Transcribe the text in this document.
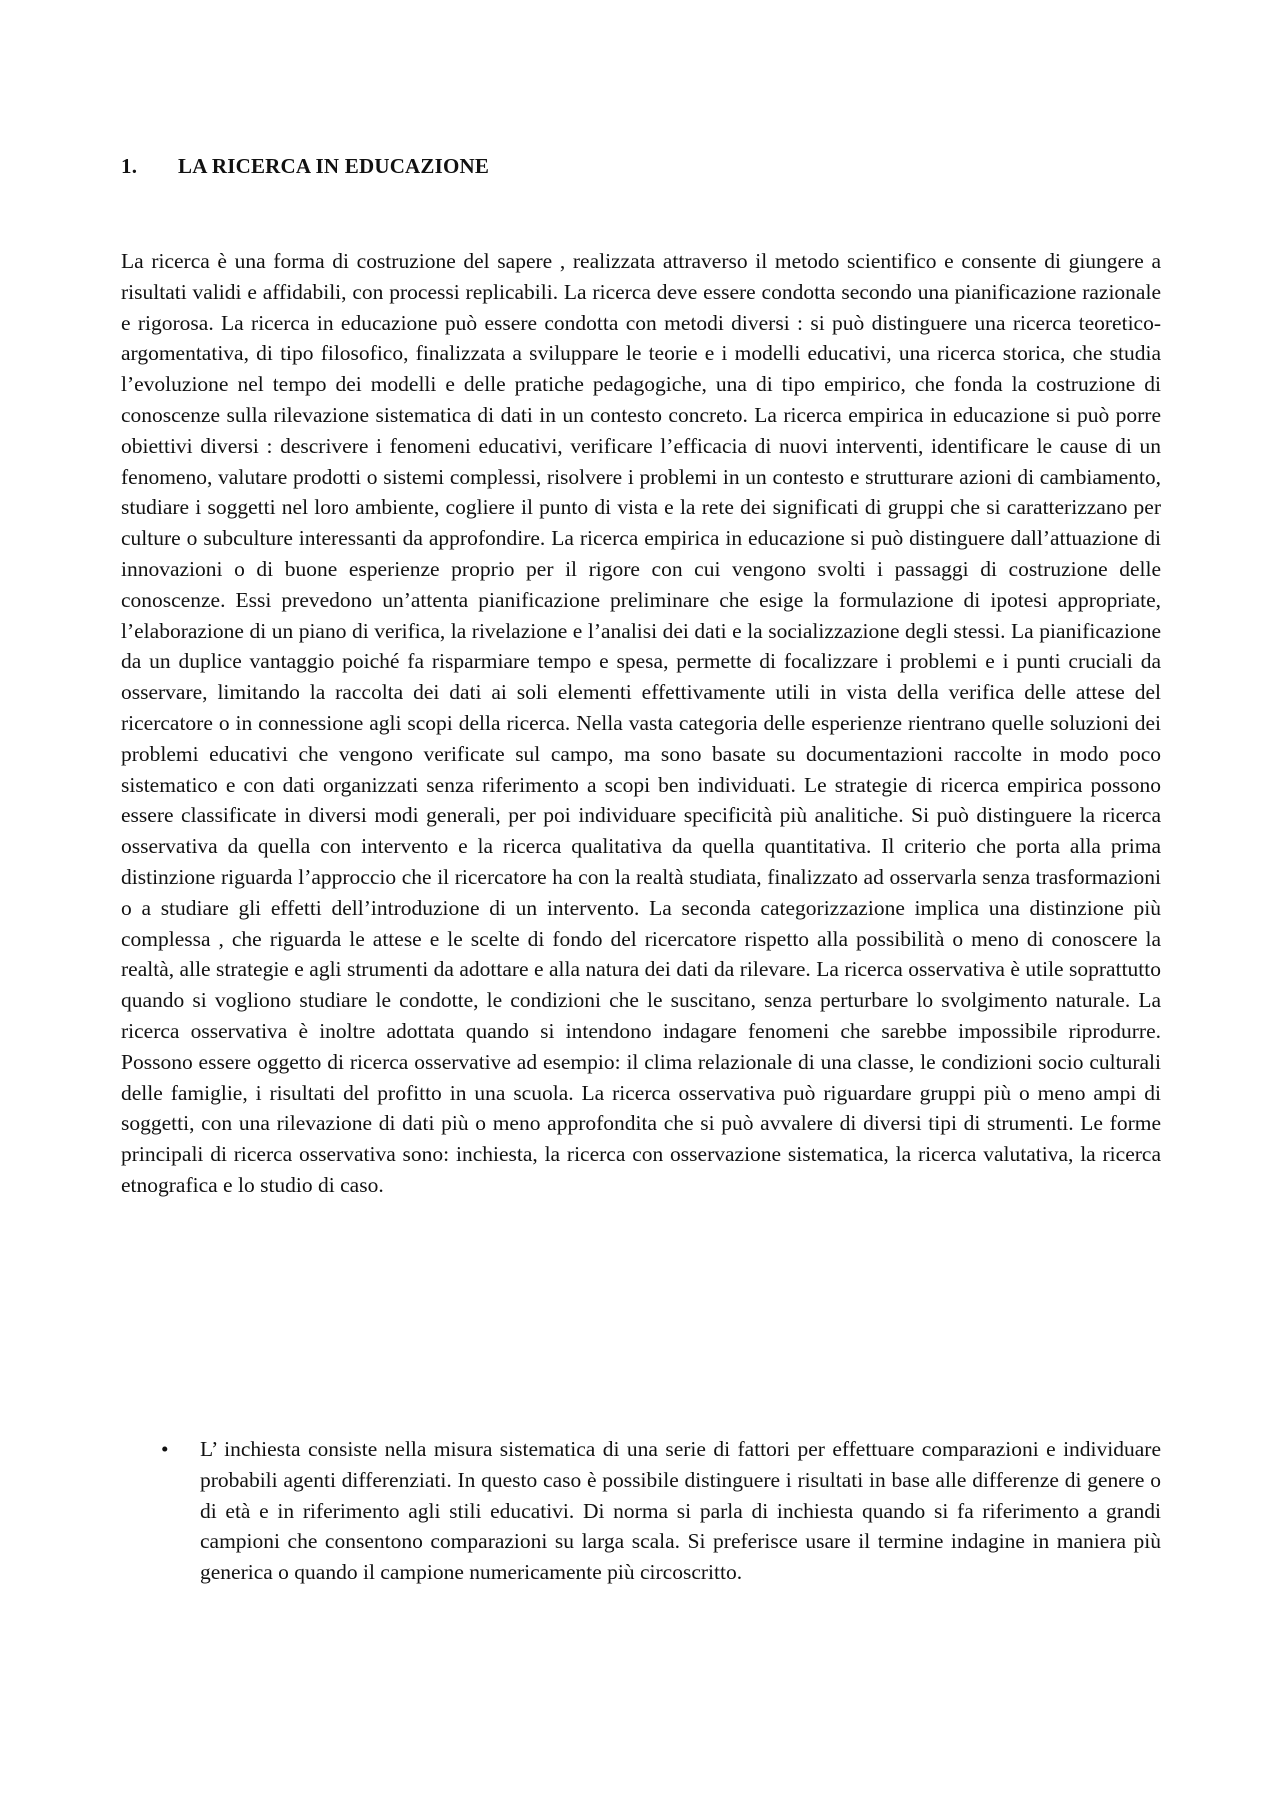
1. LA RICERCA IN EDUCAZIONE

La ricerca è una forma di costruzione del sapere , realizzata attraverso il metodo scientifico e consente di giungere a risultati validi e affidabili, con processi replicabili. La ricerca deve essere condotta secondo una pianificazione razionale e rigorosa. La ricerca in educazione può essere condotta con metodi diversi : si può distinguere una ricerca teoretico-argomentativa, di tipo filosofico, finalizzata a sviluppare le teorie e i modelli educativi, una ricerca storica, che studia l’evoluzione nel tempo dei modelli e delle pratiche pedagogiche, una di tipo empirico, che fonda la costruzione di conoscenze sulla rilevazione sistematica di dati in un contesto concreto. La ricerca empirica in educazione si può porre obiettivi diversi : descrivere i fenomeni educativi, verificare l’efficacia di nuovi interventi, identificare le cause di un fenomeno, valutare prodotti o sistemi complessi, risolvere i problemi in un contesto e strutturare azioni di cambiamento, studiare i soggetti nel loro ambiente, cogliere il punto di vista e la rete dei significati di gruppi che si caratterizzano per culture o subculture interessanti da approfondire. La ricerca empirica in educazione si può distinguere dall’attuazione di innovazioni o di buone esperienze proprio per il rigore con cui vengono svolti i passaggi di costruzione delle conoscenze. Essi prevedono un’attenta pianificazione preliminare che esige la formulazione di ipotesi appropriate, l’elaborazione di un piano di verifica, la rivelazione e l’analisi dei dati e la socializzazione degli stessi. La pianificazione da un duplice vantaggio poiché fa risparmiare tempo e spesa, permette di focalizzare i problemi e i punti cruciali da osservare, limitando la raccolta dei dati ai soli elementi effettivamente utili in vista della verifica delle attese del ricercatore o in connessione agli scopi della ricerca. Nella vasta categoria delle esperienze rientrano quelle soluzioni dei problemi educativi che vengono verificate sul campo, ma sono basate su documentazioni raccolte in modo poco sistematico e con dati organizzati senza riferimento a scopi ben individuati. Le strategie di ricerca empirica possono essere classificate in diversi modi generali, per poi individuare specificità più analitiche. Si può distinguere la ricerca osservativa da quella con intervento e la ricerca qualitativa da quella quantitativa. Il criterio che porta alla prima distinzione riguarda l’approccio che il ricercatore ha con la realtà studiata, finalizzato ad osservarla senza trasformazioni o a studiare gli effetti dell’introduzione di un intervento. La seconda categorizzazione implica una distinzione più complessa , che riguarda le attese e le scelte di fondo del ricercatore rispetto alla possibilità o meno di conoscere la realtà, alle strategie e agli strumenti da adottare e alla natura dei dati da rilevare. La ricerca osservativa è utile soprattutto quando si vogliono studiare le condotte, le condizioni che le suscitano, senza perturbare lo svolgimento naturale. La ricerca osservativa è inoltre adottata quando si intendono indagare fenomeni che sarebbe impossibile riprodurre. Possono essere oggetto di ricerca osservative ad esempio: il clima relazionale di una classe, le condizioni socio culturali delle famiglie, i risultati del profitto in una scuola. La ricerca osservativa può riguardare gruppi più o meno ampi di soggetti, con una rilevazione di dati più o meno approfondita che si può avvalere di diversi tipi di strumenti. Le forme principali di ricerca osservativa sono: inchiesta, la ricerca con osservazione sistematica, la ricerca valutativa, la ricerca etnografica e lo studio di caso.

• L’ inchiesta consiste nella misura sistematica di una serie di fattori per effettuare comparazioni e individuare probabili agenti differenziati. In questo caso è possibile distinguere i risultati in base alle differenze di genere o di età e in riferimento agli stili educativi. Di norma si parla di inchiesta quando si fa riferimento a grandi campioni che consentono comparazioni su larga scala. Si preferisce usare il termine indagine in maniera più generica o quando il campione numericamente più circoscritto.
